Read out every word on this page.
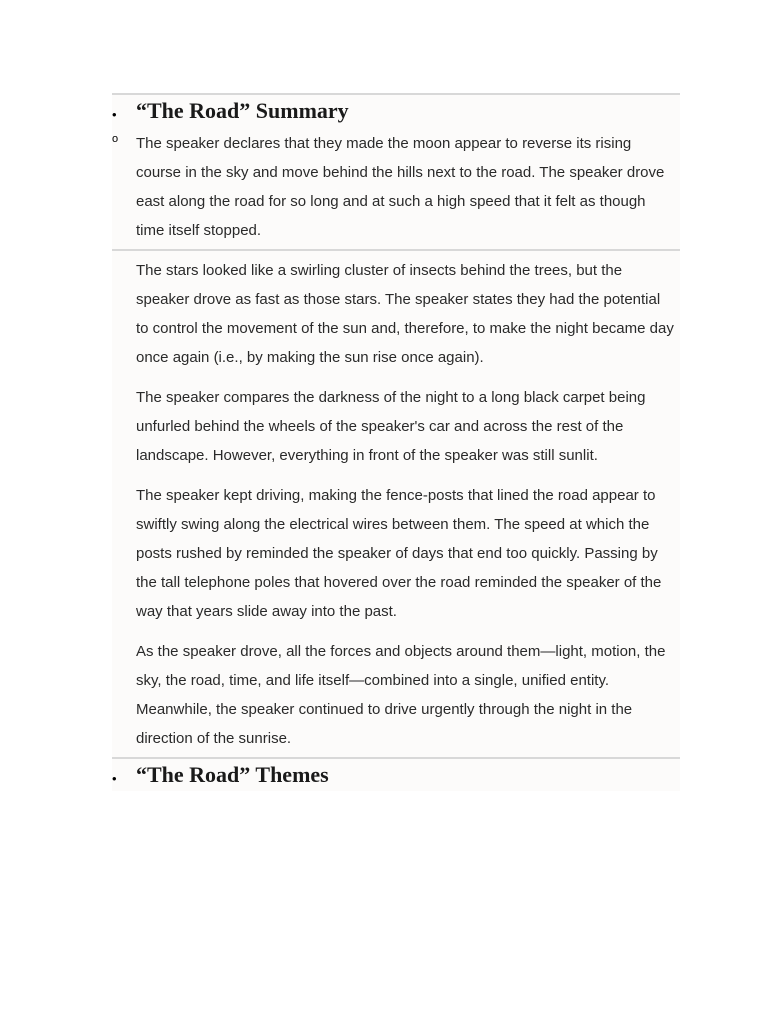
• “The Road” Summary
o The speaker declares that they made the moon appear to reverse its rising course in the sky and move behind the hills next to the road. The speaker drove east along the road for so long and at such a high speed that it felt as though time itself stopped.

The stars looked like a swirling cluster of insects behind the trees, but the speaker drove as fast as those stars. The speaker states they had the potential to control the movement of the sun and, therefore, to make the night became day once again (i.e., by making the sun rise once again).

The speaker compares the darkness of the night to a long black carpet being unfurled behind the wheels of the speaker's car and across the rest of the landscape. However, everything in front of the speaker was still sunlit.

The speaker kept driving, making the fence-posts that lined the road appear to swiftly swing along the electrical wires between them. The speed at which the posts rushed by reminded the speaker of days that end too quickly. Passing by the tall telephone poles that hovered over the road reminded the speaker of the way that years slide away into the past.

As the speaker drove, all the forces and objects around them—light, motion, the sky, the road, time, and life itself—combined into a single, unified entity. Meanwhile, the speaker continued to drive urgently through the night in the direction of the sunrise.

• “The Road” Themes
